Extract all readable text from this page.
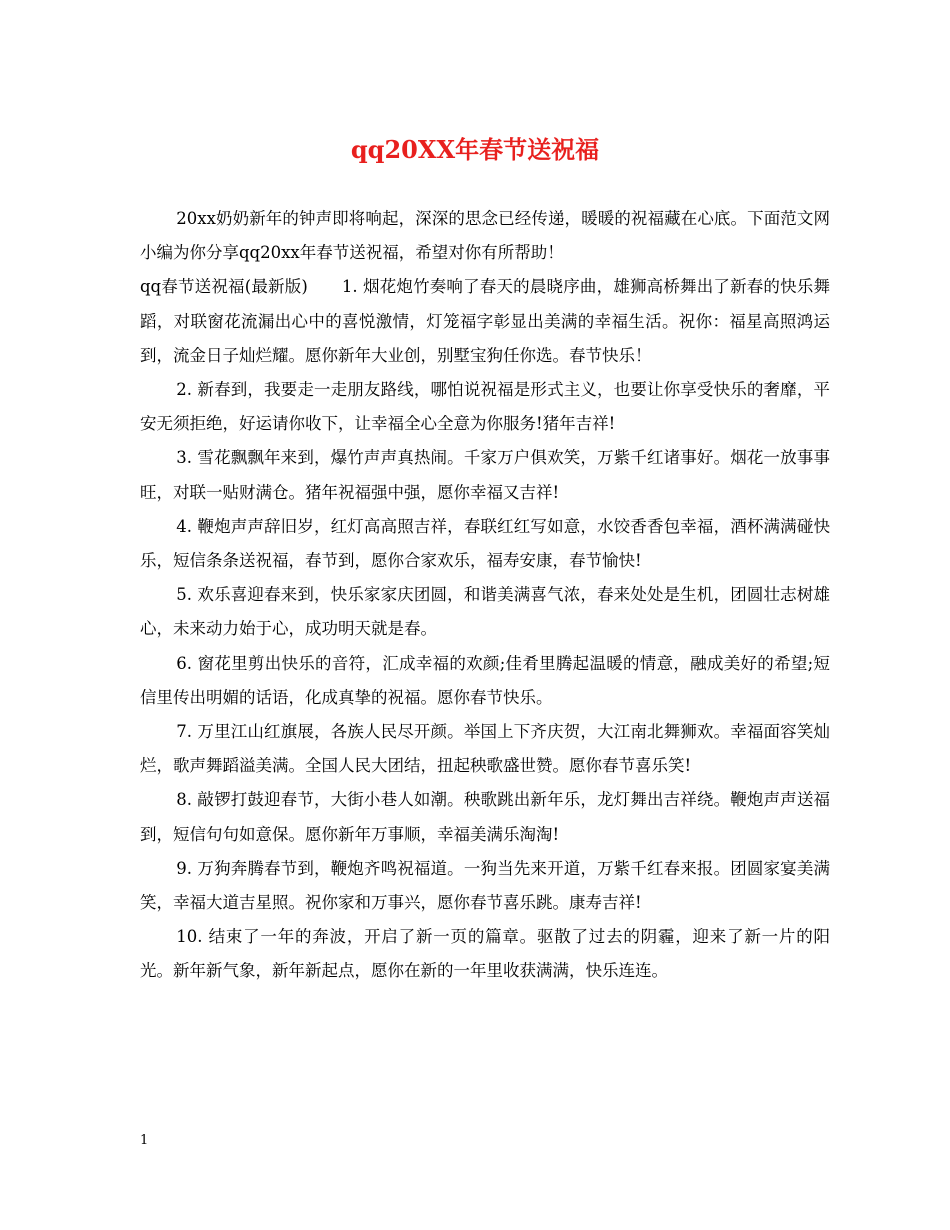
qq20XX年春节送祝福

20xx奶奶新年的钟声即将响起，深深的思念已经传递，暖暖的祝福藏在心底。下面范文网小编为你分享qq20xx年春节送祝福，希望对你有所帮助！

qq春节送祝福(最新版) 1. 烟花炮竹奏响了春天的晨晓序曲，雄狮高桥舞出了新春的快乐舞蹈，对联窗花流漏出心中的喜悦激情，灯笼福字彰显出美满的幸福生活。祝你：福星高照鸿运到，流金日子灿烂耀。愿你新年大业创，别墅宝狗任你选。春节快乐！

2. 新春到，我要走一走朋友路线，哪怕说祝福是形式主义，也要让你享受快乐的奢靡，平安无须拒绝，好运请你收下，让幸福全心全意为你服务!猪年吉祥!

3. 雪花飘飘年来到，爆竹声声真热闹。千家万户俱欢笑，万紫千红诸事好。烟花一放事事旺，对联一贴财满仓。猪年祝福强中强，愿你幸福又吉祥!

4. 鞭炮声声辞旧岁，红灯高高照吉祥，春联红红写如意，水饺香香包幸福，酒杯满满碰快乐，短信条条送祝福，春节到，愿你合家欢乐，福寿安康，春节愉快!

5. 欢乐喜迎春来到，快乐家家庆团圆，和谐美满喜气浓，春来处处是生机，团圆壮志树雄心，未来动力始于心，成功明天就是春。

6. 窗花里剪出快乐的音符，汇成幸福的欢颜;佳肴里腾起温暖的情意，融成美好的希望;短信里传出明媚的话语，化成真挚的祝福。愿你春节快乐。

7. 万里江山红旗展，各族人民尽开颜。举国上下齐庆贺，大江南北舞狮欢。幸福面容笑灿烂，歌声舞蹈溢美满。全国人民大团结，扭起秧歌盛世赞。愿你春节喜乐笑!

8. 敲锣打鼓迎春节，大街小巷人如潮。秧歌跳出新年乐，龙灯舞出吉祥绕。鞭炮声声送福到，短信句句如意保。愿你新年万事顺，幸福美满乐淘淘!

9. 万狗奔腾春节到，鞭炮齐鸣祝福道。一狗当先来开道，万紫千红春来报。团圆家宴美满笑，幸福大道吉星照。祝你家和万事兴，愿你春节喜乐跳。康寿吉祥!

10. 结束了一年的奔波，开启了新一页的篇章。驱散了过去的阴霾，迎来了新一片的阳光。新年新气象，新年新起点，愿你在新的一年里收获满满，快乐连连。

1
